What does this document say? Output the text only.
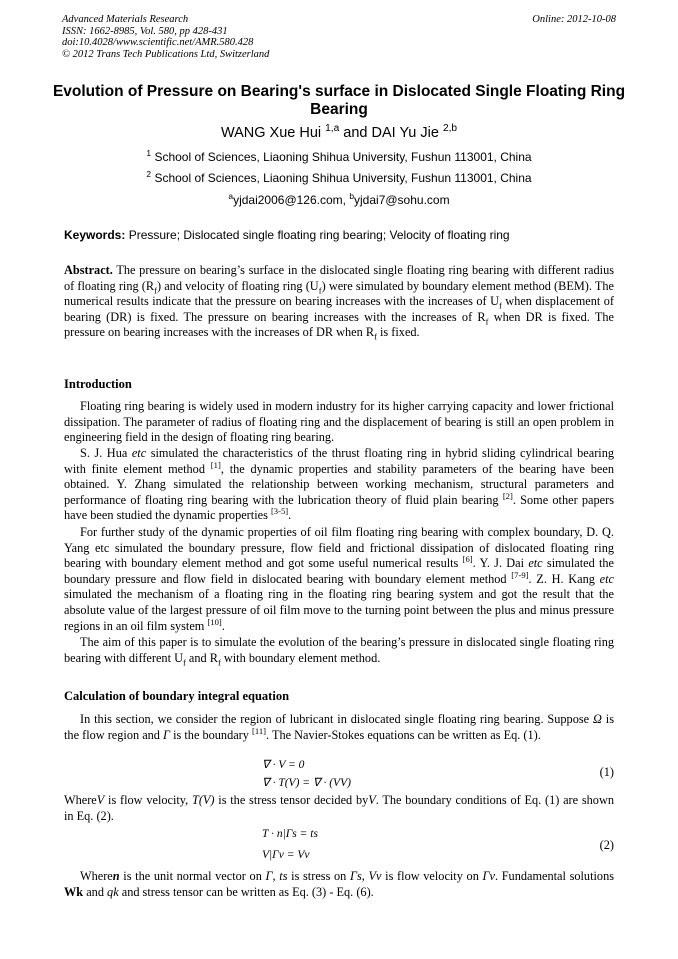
Advanced Materials Research
ISSN: 1662-8985, Vol. 580, pp 428-431
doi:10.4028/www.scientific.net/AMR.580.428
© 2012 Trans Tech Publications Ltd, Switzerland
Online: 2012-10-08
Evolution of Pressure on Bearing's surface in Dislocated Single Floating Ring Bearing
WANG Xue Hui $^{1,a}$ and DAI Yu Jie $^{2,b}$
$^1$ School of Sciences, Liaoning Shihua University, Fushun 113001, China
$^2$ School of Sciences, Liaoning Shihua University, Fushun 113001, China
$^a$yjdai2006@126.com, $^b$yjdai7@sohu.com
Keywords: Pressure; Dislocated single floating ring bearing; Velocity of floating ring
Abstract. The pressure on bearing’s surface in the dislocated single floating ring bearing with different radius of floating ring $(R_f)$ and velocity of floating ring $(U_f)$ were simulated by boundary element method (BEM). The numerical results indicate that the pressure on bearing increases with the increases of $U_f$ when displacement of bearing (DR) is fixed. The pressure on bearing increases with the increases of $R_f$ when DR is fixed. The pressure on bearing increases with the increases of DR when $R_f$ is fixed.
Introduction
Floating ring bearing is widely used in modern industry for its higher carrying capacity and lower frictional dissipation. The parameter of radius of floating ring and the displacement of bearing is still an open problem in engineering field in the design of floating ring bearing.
S. J. Hua etc simulated the characteristics of the thrust floating ring in hybrid sliding cylindrical bearing with finite element method [1], the dynamic properties and stability parameters of the bearing have been obtained. Y. Zhang simulated the relationship between working mechanism, structural parameters and performance of floating ring bearing with the lubrication theory of fluid plain bearing [2]. Some other papers have been studied the dynamic properties [3-5].
For further study of the dynamic properties of oil film floating ring bearing with complex boundary, D. Q. Yang etc simulated the boundary pressure, flow field and frictional dissipation of dislocated floating ring bearing with boundary element method and got some useful numerical results [6]. Y. J. Dai etc simulated the boundary pressure and flow field in dislocated bearing with boundary element method [7-9]. Z. H. Kang etc simulated the mechanism of a floating ring in the floating ring bearing system and got the result that the absolute value of the largest pressure of oil film move to the turning point between the plus and minus pressure regions in an oil film system [10].
The aim of this paper is to simulate the evolution of the bearing’s pressure in dislocated single floating ring bearing with different $U_f$ and $R_f$ with boundary element method.
Calculation of boundary integral equation
In this section, we consider the region of lubricant in dislocated single floating ring bearing. Suppose Ω is the flow region and Γ is the boundary [11]. The Navier-Stokes equations can be written as Eq. (1).
∇ · V = 0
∇ · T(V) = ∇ · (VV)
(1)
WhereV is flow velocity, T(V) is the stress tensor decided byV. The boundary conditions of Eq. (1) are shown in Eq. (2).
T · n|Γs = ts
V|Γv = Vv
(2)
Wheren is the unit normal vector on Γ, ts is stress on Γs, Vv is flow velocity on Γv. Fundamental solutions Wk and qk and stress tensor can be written as Eq. (3) - Eq. (6).
